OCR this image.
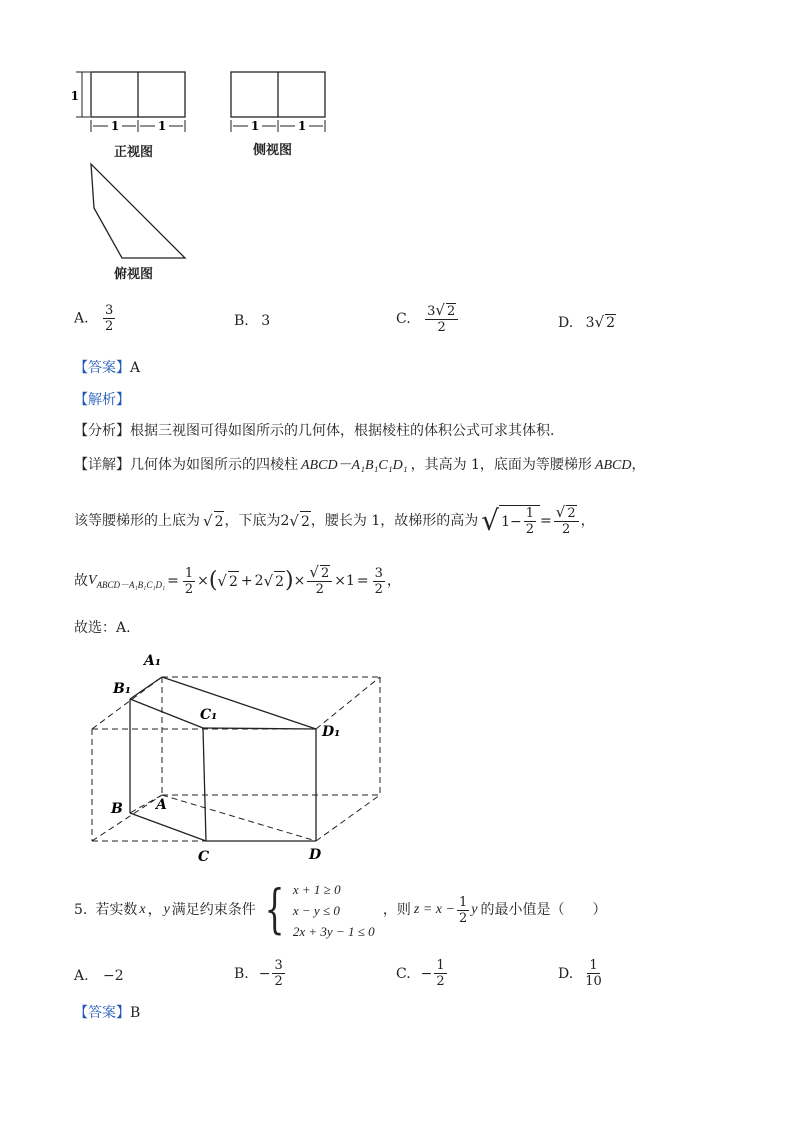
1
1	1	1	1
正视图	侧视图
俯视图
A. $\frac{3}{2}$	B. 3	C. $\frac{3√ 2}{2}$	D. 3√ 2
【答案】A
【解析】
【分析】根据三视图可得如图所示的几何体，根据棱柱的体积公式可求其体积.
【详解】几何体为如图所示的四棱柱 ABCD－A₁B₁C₁D₁ ，其高为 1，底面为等腰梯形 ABCD，
该等腰梯形的上底为 √ 2 ，下底为 2 √ 2 ，腰长为 1，故梯形的高为 √ $1 - \frac{1}{2} = \frac{√ 2}{2}$ ，
故 $V_{ABCD-A_1B_1C_1D_1} = \frac{1}{2}$ × ( √ 2 + 2 √ 2 ) × $\frac{√ 2}{2} \times 1 = \frac{3}{2}$ ，
故选：A.
A₁
B₁
C₁
D₁
A
B
C	D
5. 若实数 x ， y 满足约束条件 { x + 1 ≥ 0
x − y ≤ 0
2x + 3y − 1 ≤ 0
，则 $z = x - \frac{1}{2}$ y 的最小值是（　　）
A. −2	B. − $\frac{3}{2}$	C. − $\frac{1}{2}$	D. $\frac{1}{10}$
【答案】B
